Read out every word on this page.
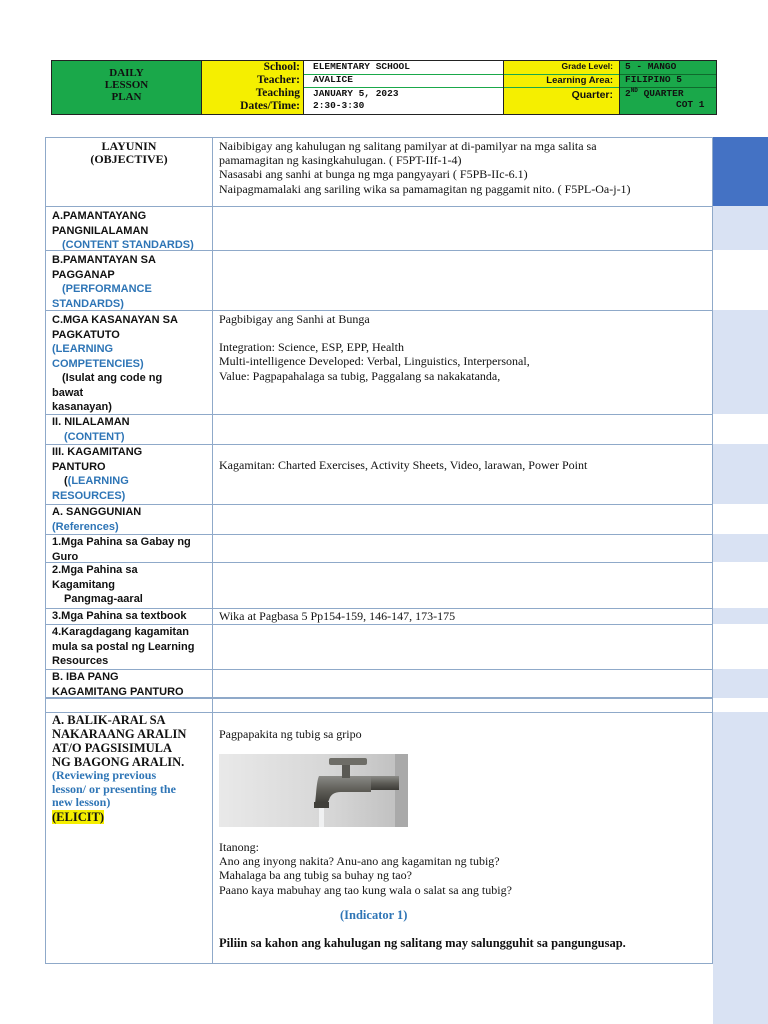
DAILY
LESSON
PLAN
School:
Teacher:
Teaching
Dates/Time:
ELEMENTARY SCHOOL
AVALICE
JANUARY 5, 2023
2:30-3:30
Grade Level:
Learning Area:
Quarter:
5 - MANGO
FILIPINO 5
2ND QUARTER
COT 1
LAYUNIN
(OBJECTIVE)
Naibibigay ang kahulugan ng salitang pamilyar at di-pamilyar na mga salita sa
pamamagitan ng kasingkahulugan. ( F5PT-IIf-1-4)
Nasasabi ang sanhi at bunga ng mga pangyayari ( F5PB-IIc-6.1)
Naipagmamalaki ang sariling wika sa pamamagitan ng paggamit nito. ( F5PL-Oa-j-1)
A.PAMANTAYANG
PANGNILALAMAN
(CONTENT STANDARDS)
B.PAMANTAYAN SA
PAGGANAP
(PERFORMANCE
STANDARDS)
C.MGA KASANAYAN SA
PAGKATUTO
(LEARNING
COMPETENCIES)
(Isulat ang code ng
bawat
kasanayan)
Pagbibigay ang Sanhi at Bunga
Integration: Science, ESP, EPP, Health
Multi-intelligence Developed: Verbal, Linguistics, Interpersonal,
Value: Pagpapahalaga sa tubig, Paggalang sa nakakatanda,
II. NILALAMAN
(CONTENT)
III. KAGAMITANG
PANTURO
((LEARNING
RESOURCES)
Kagamitan: Charted Exercises, Activity Sheets, Video, larawan, Power Point
A. SANGGUNIAN
(References)
1.Mga Pahina sa Gabay ng
Guro
2.Mga Pahina sa
Kagamitang
Pangmag-aaral
3.Mga Pahina sa textbook	Wika at Pagbasa 5 Pp154-159, 146-147, 173-175
4.Karagdagang kagamitan
mula sa postal ng Learning
Resources
B. IBA PANG
KAGAMITANG PANTURO
A. BALIK-ARAL SA
NAKARAANG ARALIN
AT/O PAGSISIMULA
NG BAGONG ARALIN.
(Reviewing previous
lesson/ or presenting the
new lesson)
(ELICIT)
Pagpapakita ng tubig sa gripo
Itanong:
Ano ang inyong nakita? Anu-ano ang kagamitan ng tubig?
Mahalaga ba ang tubig sa buhay ng tao?
Paano kaya mabuhay ang tao kung wala o salat sa ang tubig?
(Indicator 1)
Piliin sa kahon ang kahulugan ng salitang may salungguhit sa pangungusap.
